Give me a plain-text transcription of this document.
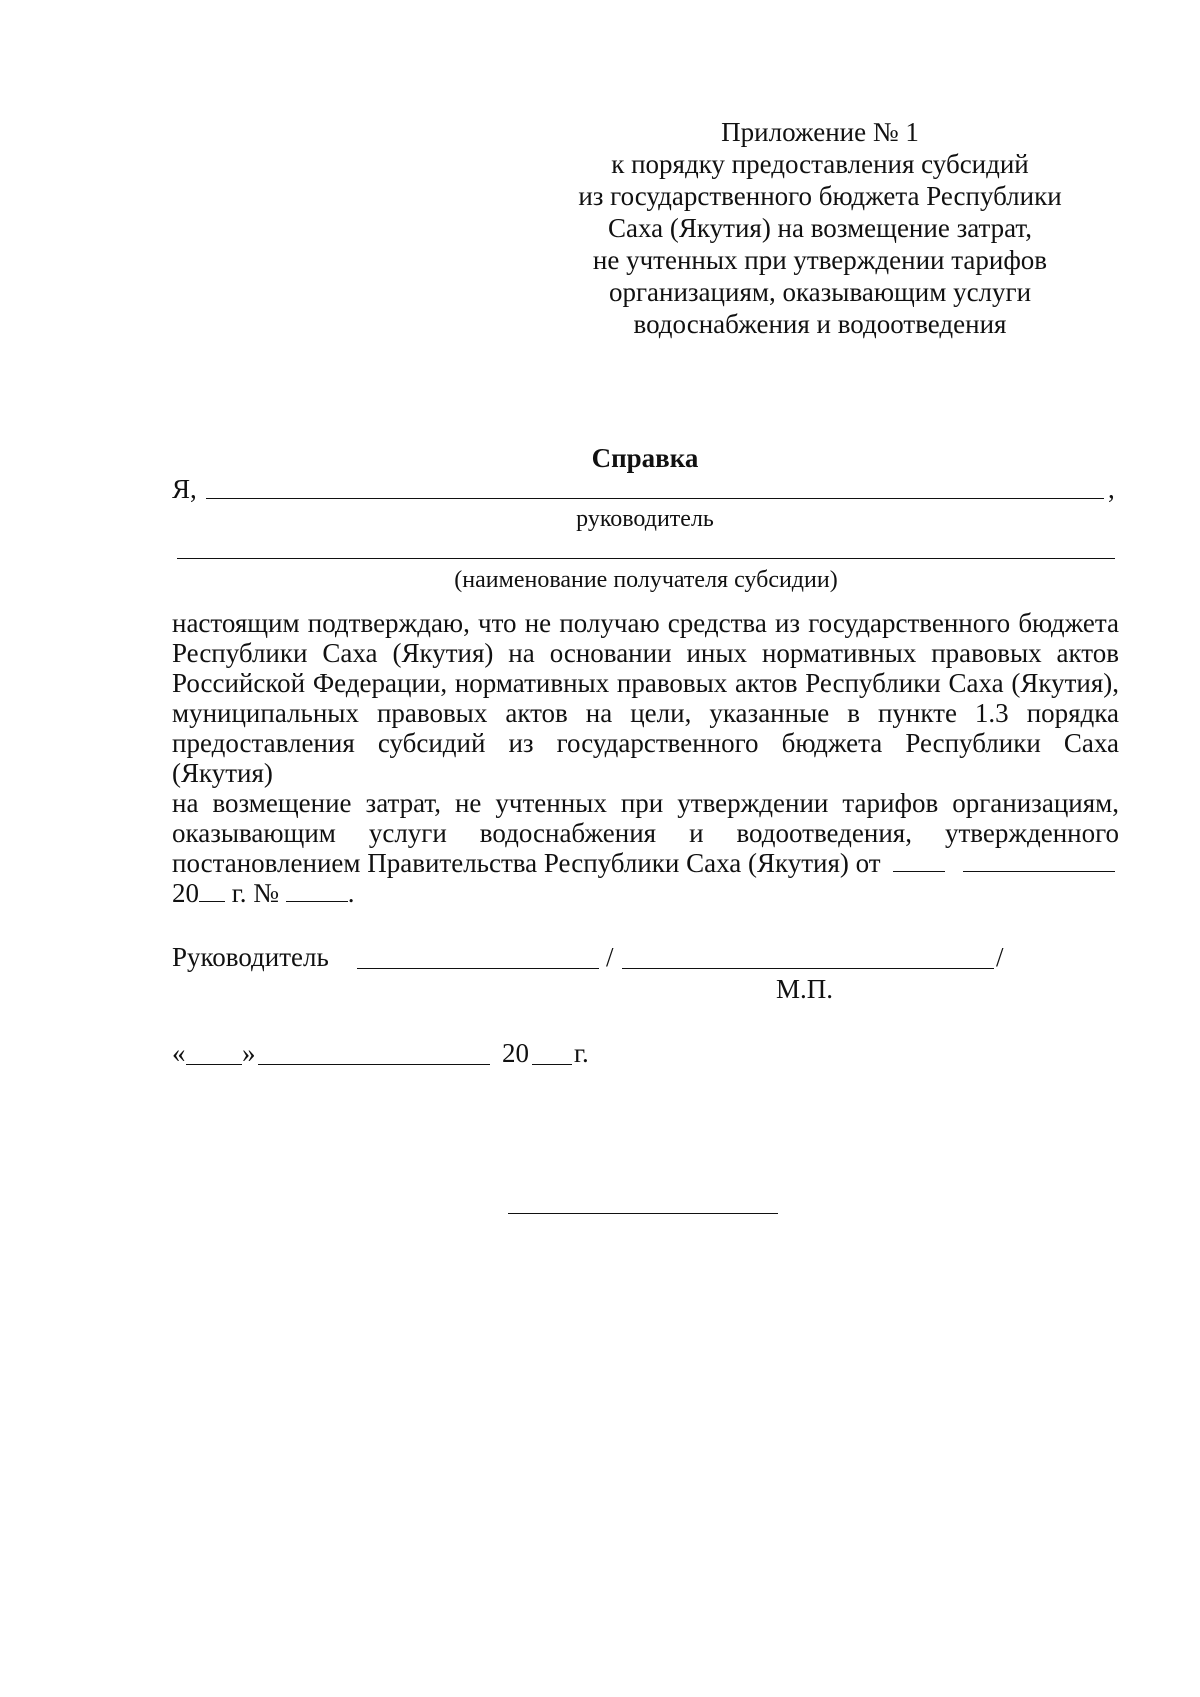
Приложение № 1
к порядку предоставления субсидий
из государственного бюджета Республики
Саха (Якутия) на возмещение затрат,
не учтенных при утверждении тарифов
организациям, оказывающим услуги
водоснабжения и водоотведения
Справка
Я,	,
руководитель
(наименование получателя субсидии)
настоящим подтверждаю, что не получаю средства из государственного бюджета
Республики Саха (Якутия) на основании иных нормативных правовых актов
Российской Федерации, нормативных правовых актов Республики Саха (Якутия),
муниципальных правовых актов на цели, указанные в пункте 1.3 порядка
предоставления субсидий из государственного бюджета Республики Саха (Якутия)
на возмещение затрат, не учтенных при утверждении тарифов организациям,
оказывающим услуги водоснабжения и водоотведения, утвержденного
постановлением Правительства Республики Саха (Якутия) от
20 г. №	.
Руководитель	/	/
М.П.
« »	20 г.
